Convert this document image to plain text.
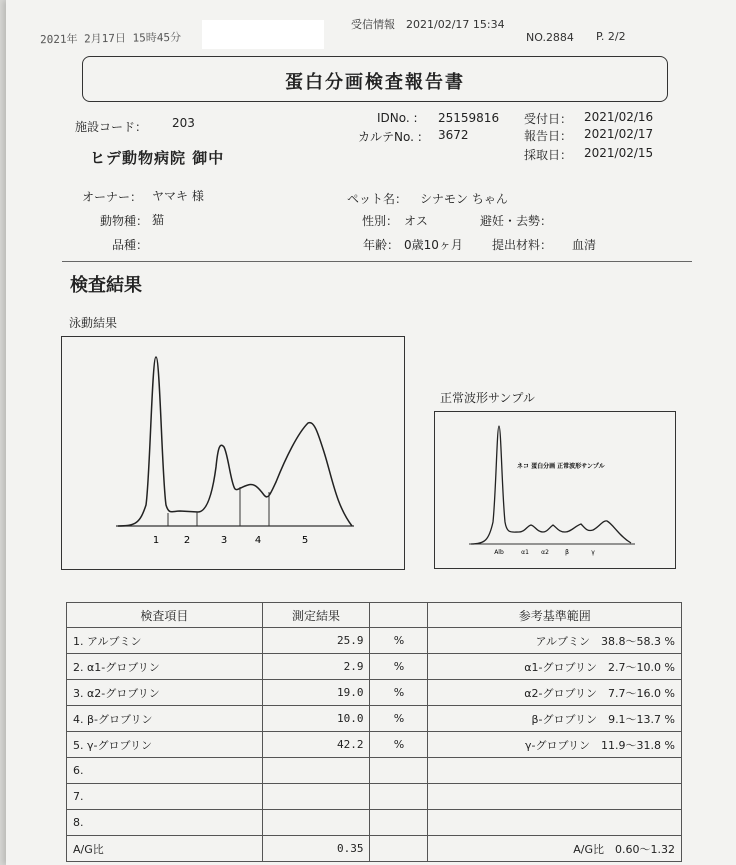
2021年 2月17日 15時45分
受信情報　2021/02/17 15:34
NO.2884 P. 2/2
蛋白分画検査報告書
施設コード： 203
ヒデ動物病院 御中
IDNo. : 25159816
カルテNo. : 3672
受付日： 2021/02/16
報告日： 2021/02/17
採取日： 2021/02/15
オーナー： ヤマキ 様
動物種： 猫
品種：
ペット名： シナモン ちゃん
性別： オス	避妊・去勢：
年齢： 0歳10ヶ月 提出材料： 血清
検査結果
泳動結果
1 2	3	4	5
正常波形サンプル
ネコ 蛋白分画 正常波形サンプル
Alb	α1 α2	β	γ
検査項目	測定結果		参考基準範囲
1. アルブミン	25.9	%	アルブミン　38.8〜58.3 %
2. α1-グロブリン	2.9	%	α1-グロブリン　2.7〜10.0 %
3. α2-グロブリン	19.0	%	α2-グロブリン　7.7〜16.0 %
4. β-グロブリン	10.0	%	β-グロブリン　9.1〜13.7 %
5. γ-グロブリン	42.2	%	γ-グロブリン　11.9〜31.8 %
6.			
7.			
8.			
A/G比	0.35		A/G比　0.60〜1.32
